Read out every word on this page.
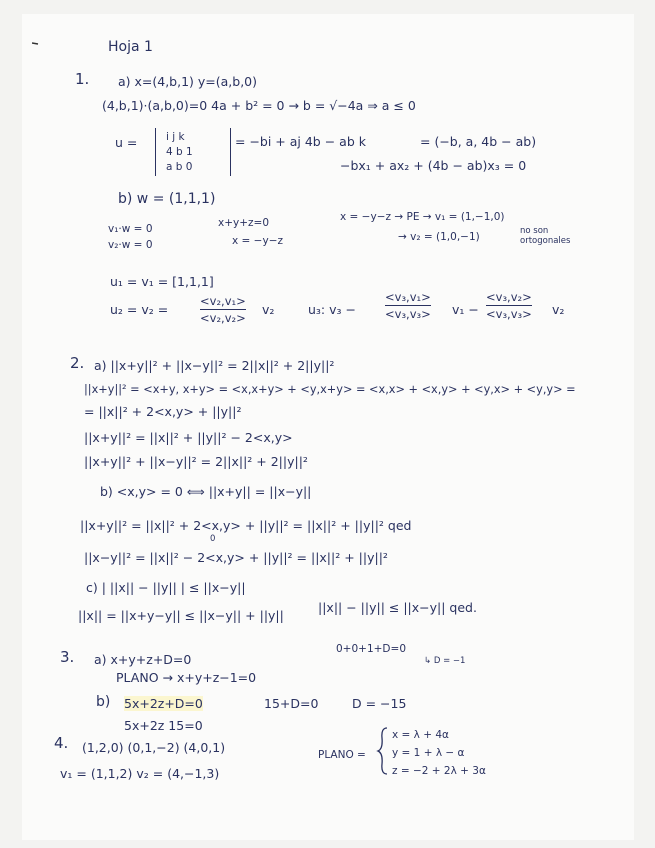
Hoja 1
1. a) x=(4,b,1) y=(a,b,0)
(4,b,1)·(a,b,0)=0 4a + b² = 0 → b = √−4a ⇒ a ≤ 0
u =	i j k
4 b 1
a b 0
= −bi + aj 4b − ab k	= (−b, a, 4b − ab)
−bx₁ + ax₂ + (4b − ab)x₃ = 0
b) w = (1,1,1)
v₁·w = 0
v₂·w = 0
x+y+z=0
x = −y−z
x = −y−z → PE → v₁ = (1,−1,0)
→ v₂ = (1,0,−1)	no son ortogonales
u₁ = v₁ = [1,1,1]
u₂ = v₂ =
<v₂,v₁>
<v₂,v₂>
v₂	u₃: v₃ −
<v₃,v₁>
<v₃,v₃> v₁ −
<v₃,v₂>
<v₃,v₃> v₂
2. a) ||x+y||² + ||x−y||² = 2||x||² + 2||y||²
||x+y||² = <x+y, x+y> = <x,x+y> + <y,x+y> = <x,x> + <x,y> + <y,x> + <y,y> =
= ||x||² + 2<x,y> + ||y||²
||x+y||² = ||x||² + ||y||² − 2<x,y>
||x+y||² + ||x−y||² = 2||x||² + 2||y||²
b) <x,y> = 0 ⟺ ||x+y|| = ||x−y||
||x+y||² = ||x||² + 2<x,y> + ||y||² = ||x||² + ||y||² qed
0
||x−y||² = ||x||² − 2<x,y> + ||y||² = ||x||² + ||y||²
c) | ||x|| − ||y|| | ≤ ||x−y||
||x|| = ||x+y−y|| ≤ ||x−y|| + ||y||
||x|| − ||y|| ≤ ||x−y|| qed.
3. a) x+y+z+D=0
0+0+1+D=0
↳ D = −1
PLANO → x+y+z−1=0
b) 5x+2z+D=0	15+D=0	D = −15
5x+2z 15=0
4. (1,2,0) (0,1,−2) (4,0,1)
v₁ = (1,1,2) v₂ = (4,−1,3)
PLANO =
x = λ + 4α
y = 1 + λ − α
z = −2 + 2λ + 3α
